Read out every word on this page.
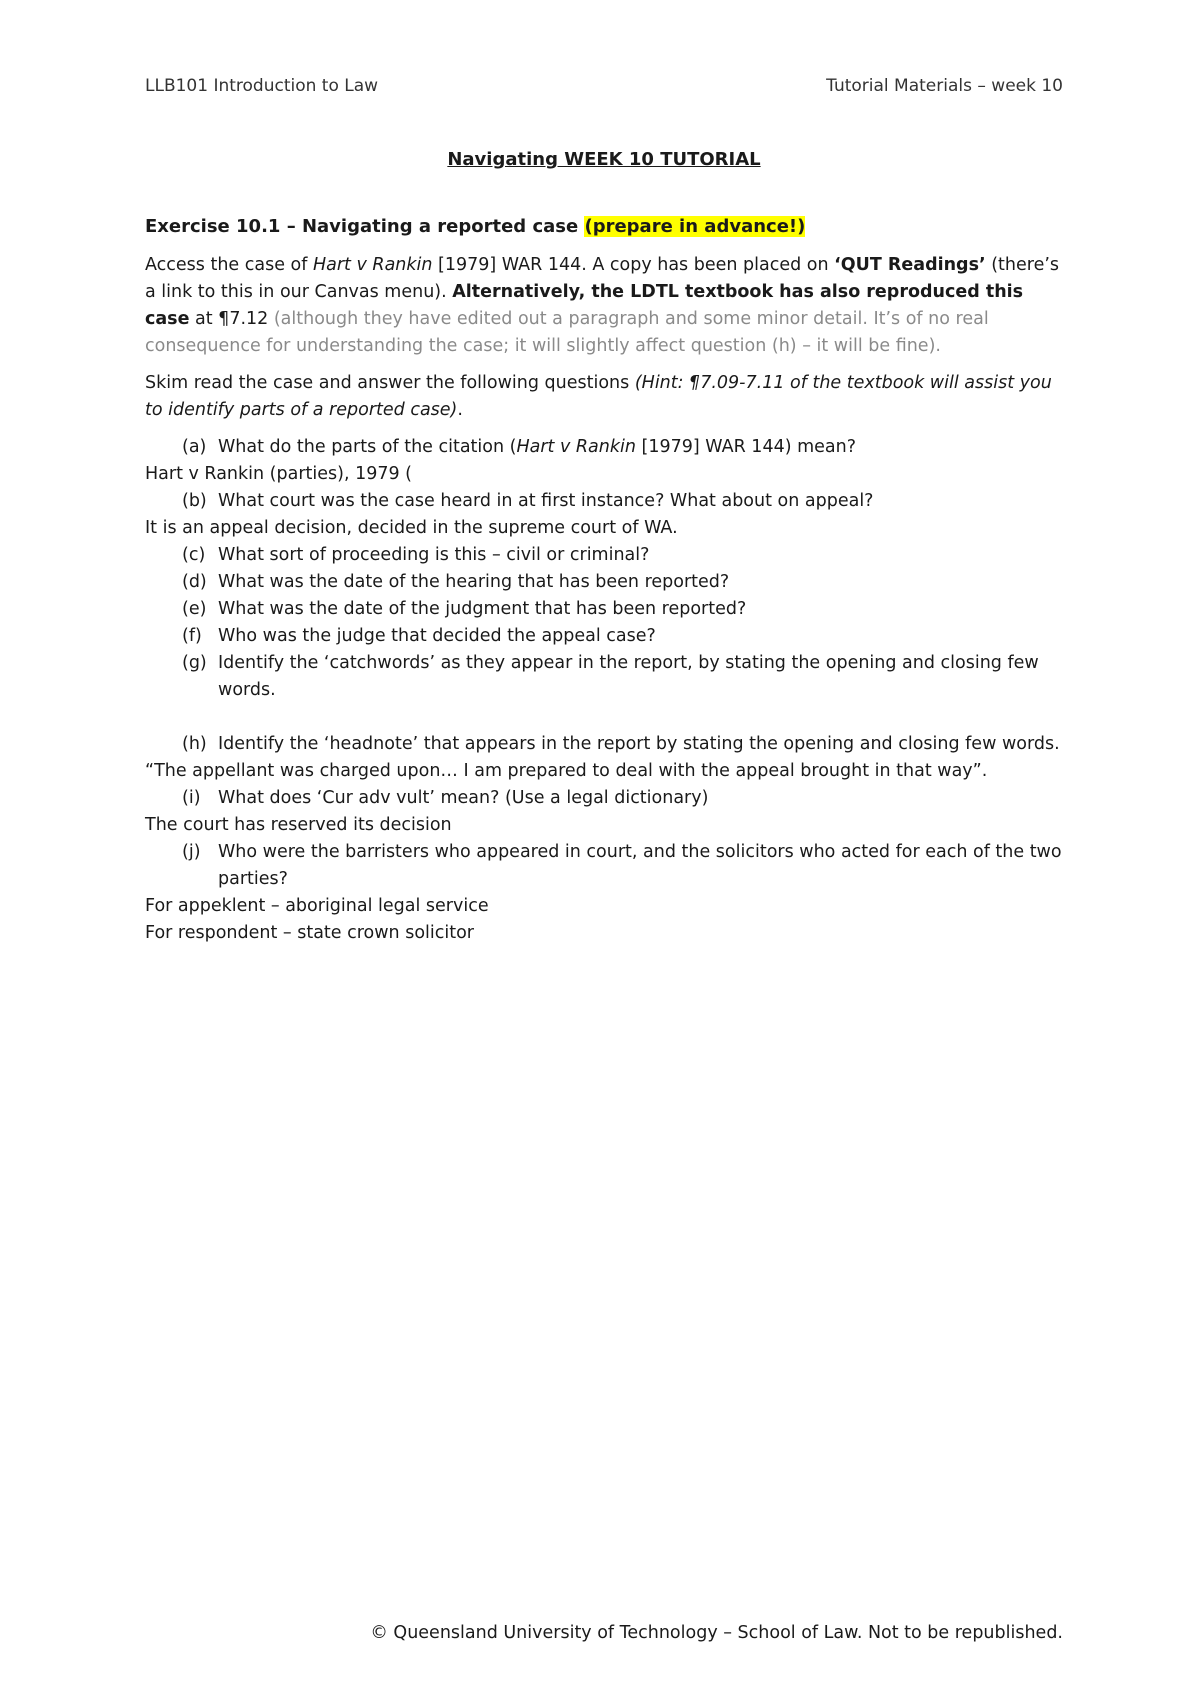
LLB101 Introduction to Law	Tutorial Materials – week 10
Navigating WEEK 10 TUTORIAL
Exercise 10.1 – Navigating a reported case (prepare in advance!)

Access the case of Hart v Rankin [1979] WAR 144. A copy has been placed on ‘QUT Readings’ (there’s a link to this in our Canvas menu). Alternatively, the LDTL textbook has also reproduced this case at ¶7.12 (although they have edited out a paragraph and some minor detail. It’s of no real consequence for understanding the case; it will slightly affect question (h) – it will be fine).

Skim read the case and answer the following questions (Hint: ¶7.09-7.11 of the textbook will assist you to identify parts of a reported case).

(a) What do the parts of the citation (Hart v Rankin [1979] WAR 144) mean?
Hart v Rankin (parties), 1979 (
(b) What court was the case heard in at first instance? What about on appeal?
It is an appeal decision, decided in the supreme court of WA.
(c) What sort of proceeding is this – civil or criminal?
(d) What was the date of the hearing that has been reported?
(e) What was the date of the judgment that has been reported?
(f) Who was the judge that decided the appeal case?
(g) Identify the ‘catchwords’ as they appear in the report, by stating the opening and closing few words.
(h) Identify the ‘headnote’ that appears in the report by stating the opening and closing few words.
“The appellant was charged upon… I am prepared to deal with the appeal brought in that way”.
(i) What does ‘Cur adv vult’ mean? (Use a legal dictionary)
The court has reserved its decision
(j) Who were the barristers who appeared in court, and the solicitors who acted for each of the two parties?
For appeklent – aboriginal legal service
For respondent – state crown solicitor
© Queensland University of Technology – School of Law. Not to be republished.
